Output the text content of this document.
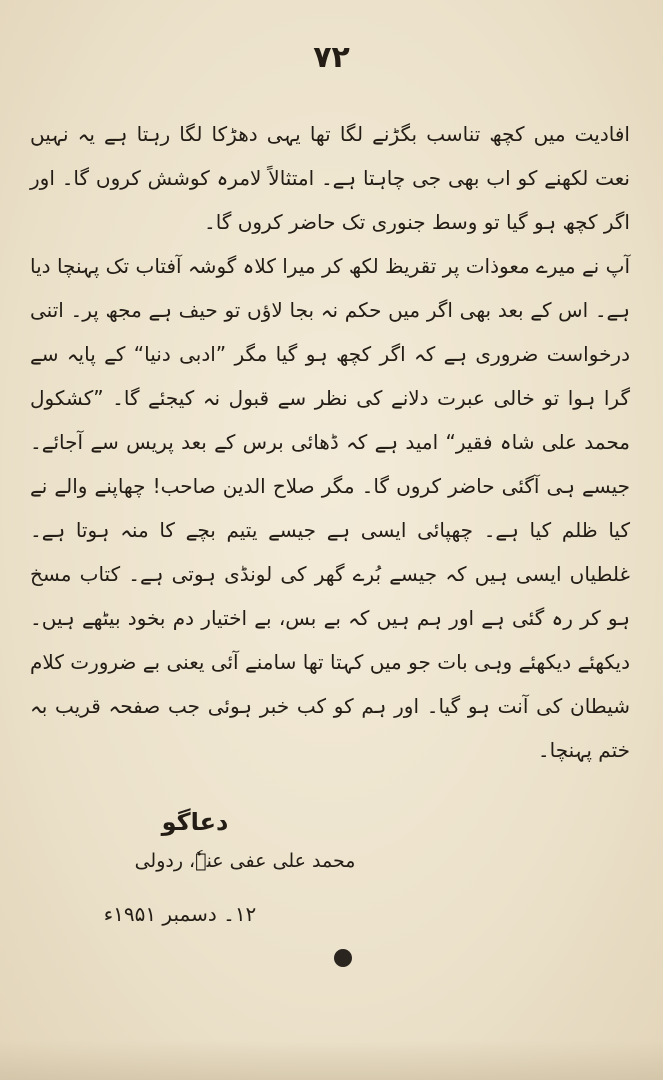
۷۲

افادیت میں کچھ تناسب بگڑنے لگا تھا یہی دھڑکا لگا رہتا ہے یہ نہیں نعت لکھنے کو اب بھی جی چاہتا ہے۔ امتثالاً لامرہ کوشش کروں گا۔ اور اگر کچھ ہو گیا تو وسط جنوری تک حاضر کروں گا۔

آپ نے میرے معوذات پر تقریظ لکھ کر میرا کلاہ گوشہ آفتاب تک پہنچا دیا ہے۔ اس کے بعد بھی اگر میں حکم نہ بجا لاؤں تو حیف ہے مجھ پر۔ اتنی درخواست ضروری ہے کہ اگر کچھ ہو گیا مگر ”ادبی دنیا“ کے پایہ سے گرا ہوا تو خالی عبرت دلانے کی نظر سے قبول نہ کیجئے گا۔ ”کشکول محمد علی شاہ فقیر“ امید ہے کہ ڈھائی برس کے بعد پریس سے آجائے۔ جیسے ہی آگئی حاضر کروں گا۔ مگر صلاح الدین صاحب! چھاپنے والے نے کیا ظلم کیا ہے۔ چھپائی ایسی ہے جیسے یتیم بچے کا منہ ہوتا ہے۔ غلطیاں ایسی ہیں کہ جیسے بُرے گھر کی لونڈی ہوتی ہے۔ کتاب مسخ ہو کر رہ گئی ہے اور ہم ہیں کہ بے بس، بے اختیار دم بخود بیٹھے ہیں۔ دیکھئے دیکھئے وہی بات جو میں کہتا تھا سامنے آئی یعنی بے ضرورت کلام شیطان کی آنت ہو گیا۔ اور ہم کو کب خبر ہوئی جب صفحہ قریب بہ ختم پہنچا۔

دعاگو
محمد علی عفی عنہٗ، ردولی
۱۲۔ دسمبر ۱۹۵۱ء
